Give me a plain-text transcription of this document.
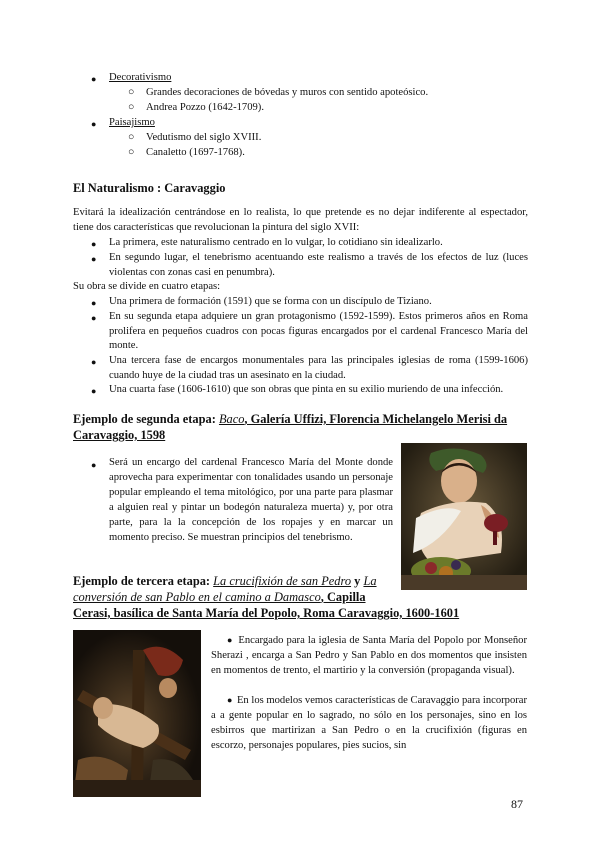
● Decorativismo
○ Grandes decoraciones de bóvedas y muros con sentido apoteósico.
○ Andrea Pozzo (1642-1709).
● Paisajismo
○ Vedutismo del siglo XVIII.
○ Canaletto (1697-1768).
El Naturalismo : Caravaggio
Evitará la idealización centrándose en lo realista, lo que pretende es no dejar indiferente al espectador, tiene dos características que revolucionan la pintura del siglo XVII:
● La primera, este naturalismo centrado en lo vulgar, lo cotidiano sin idealizarlo.
● En segundo lugar, el tenebrismo acentuando este realismo a través de los efectos de luz (luces violentas con zonas casi en penumbra).
Su obra se divide en cuatro etapas:
● Una primera de formación (1591) que se forma con un discípulo de Tiziano.
● En su segunda etapa adquiere un gran protagonismo (1592-1599). Estos primeros años en Roma prolifera en pequeños cuadros con pocas figuras encargados por el cardenal Francesco María del monte.
● Una tercera fase de encargos monumentales para las principales iglesias de roma (1599-1606) cuando huye de la ciudad tras un asesinato en la ciudad.
● Una cuarta fase (1606-1610) que son obras que pinta en su exilio muriendo de una infección.
Ejemplo de segunda etapa: Baco, Galería Uffizi, Florencia Michelangelo Merisi da
Caravaggio, 1598
● Será un encargo del cardenal Francesco María del Monte donde aprovecha para experimentar con tonalidades usando un personaje popular empleando el tema mitológico, por una parte para plasmar a alguien real y pintar un bodegón naturaleza muerta) y, por otra parte, para la la concepción de los ropajes y en marcar un momento preciso. Se muestran principios del tenebrismo.
Ejemplo de tercera etapa: La crucifixión de san Pedro y La
conversión de san Pablo en el camino a Damasco, Capilla
Cerasi, basílica de Santa María del Popolo, Roma Caravaggio, 1600-1601
●  Encargado para la iglesia de Santa María del Popolo por Monseñor Sherazi , encarga a San Pedro y San Pablo en dos momentos que insisten en momentos de trento, el martirio y la conversión (propaganda visual).
●  En los modelos vemos características de Caravaggio para incorporar a a gente popular en lo sagrado, no sólo en los personajes, sino en los esbirros que martirizan a San Pedro o en la crucifixión (figuras en escorzo, personajes populares, pies sucios, sin
87
